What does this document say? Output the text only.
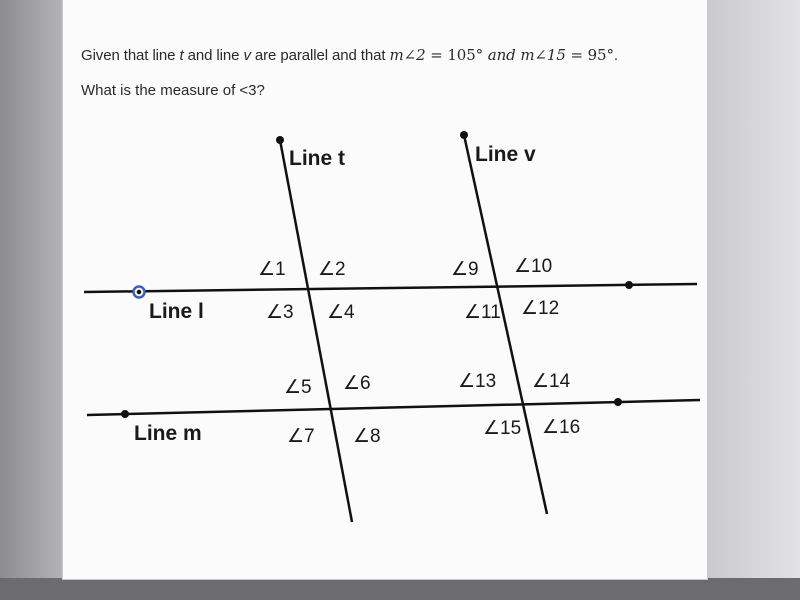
Given that line t and line v are parallel and that m∠2 = 105° and m∠15 = 95°.
What is the measure of <3?
Line t	Line v
Line l
Line m
∠1 ∠2
∠3 ∠4
∠5 ∠6
∠7 ∠8
∠9 ∠10
∠11 ∠12
∠13 ∠14
∠15 ∠16
